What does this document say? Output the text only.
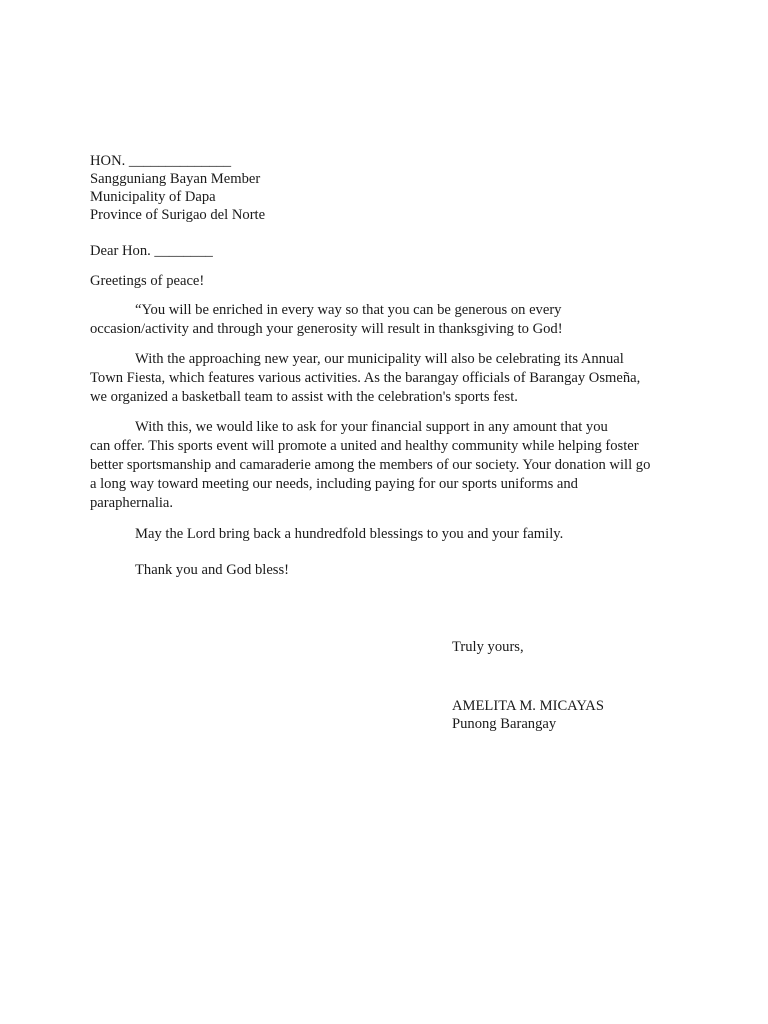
HON. ______________
Sangguniang Bayan Member
Municipality of Dapa
Province of Surigao del Norte
Dear Hon. ________
Greetings of peace!
“You will be enriched in every way so that you can be generous on every
occasion/activity and through your generosity will result in thanksgiving to God!
With the approaching new year, our municipality will also be celebrating its Annual
Town Fiesta, which features various activities. As the barangay officials of Barangay Osmeña,
we organized a basketball team to assist with the celebration's sports fest.
With this, we would like to ask for your financial support in any amount that you
can offer. This sports event will promote a united and healthy community while helping foster
better sportsmanship and camaraderie among the members of our society. Your donation will go
a long way toward meeting our needs, including paying for our sports uniforms and
paraphernalia.
May the Lord bring back a hundredfold blessings to you and your family.
Thank you and God bless!
Truly yours,
AMELITA M. MICAYAS
Punong Barangay
